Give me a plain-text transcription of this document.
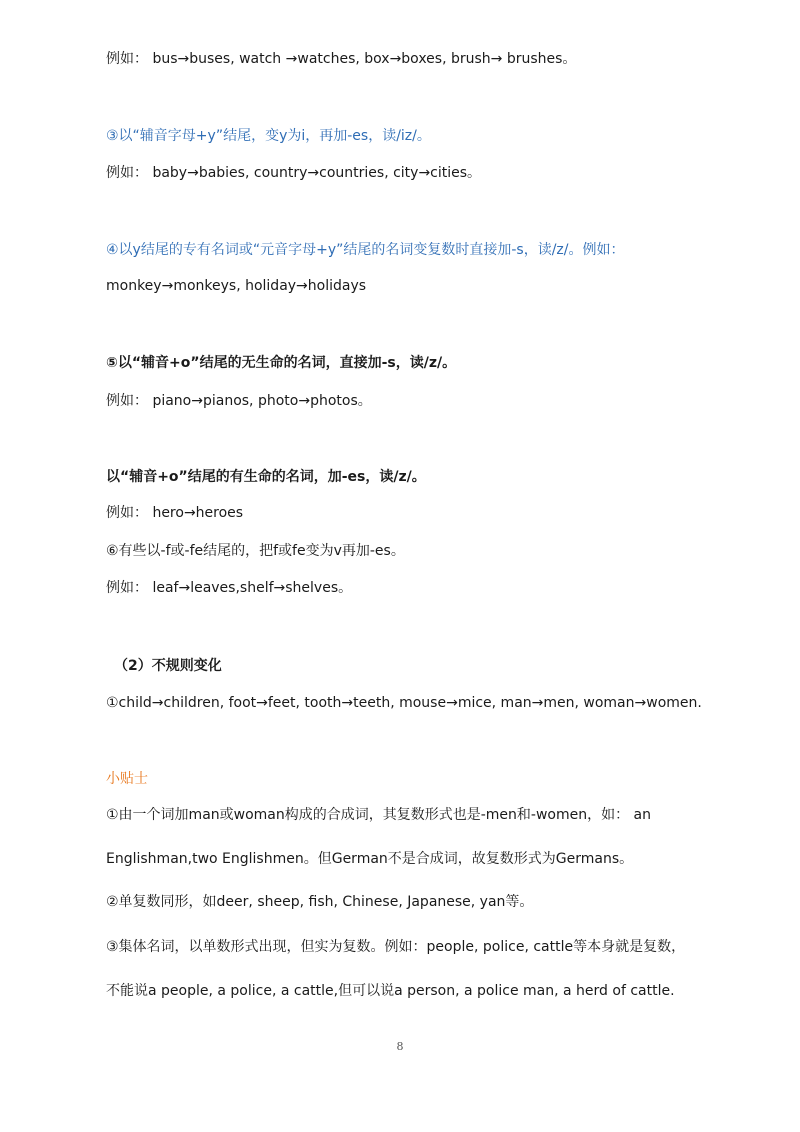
例如： bus→buses, watch →watches, box→boxes, brush→ brushes。
③以“辅音字母+y”结尾，变y为i，再加-es，读/iz/。
例如： baby→babies, country→countries, city→cities。
④以y结尾的专有名词或“元音字母+y”结尾的名词变复数时直接加-s，读/z/。例如：
monkey→monkeys, holiday→holidays
⑤以“辅音+o”结尾的无生命的名词，直接加-s，读/z/。
例如： piano→pianos, photo→photos。
以“辅音+o”结尾的有生命的名词，加-es，读/z/。
例如： hero→heroes
⑥有些以-f或-fe结尾的，把f或fe变为v再加-es。
例如： leaf→leaves,shelf→shelves。
（2）不规则变化
①child→children, foot→feet, tooth→teeth, mouse→mice, man→men, woman→women.
小贴士
①由一个词加man或woman构成的合成词，其复数形式也是-men和-women，如： an
Englishman,two Englishmen。但German不是合成词，故复数形式为Germans。
②单复数同形，如deer, sheep, fish, Chinese, Japanese, yan等。
③集体名词，以单数形式出现，但实为复数。例如：people, police, cattle等本身就是复数，
不能说a people, a police, a cattle,但可以说a person, a police man, a herd of cattle.
8
